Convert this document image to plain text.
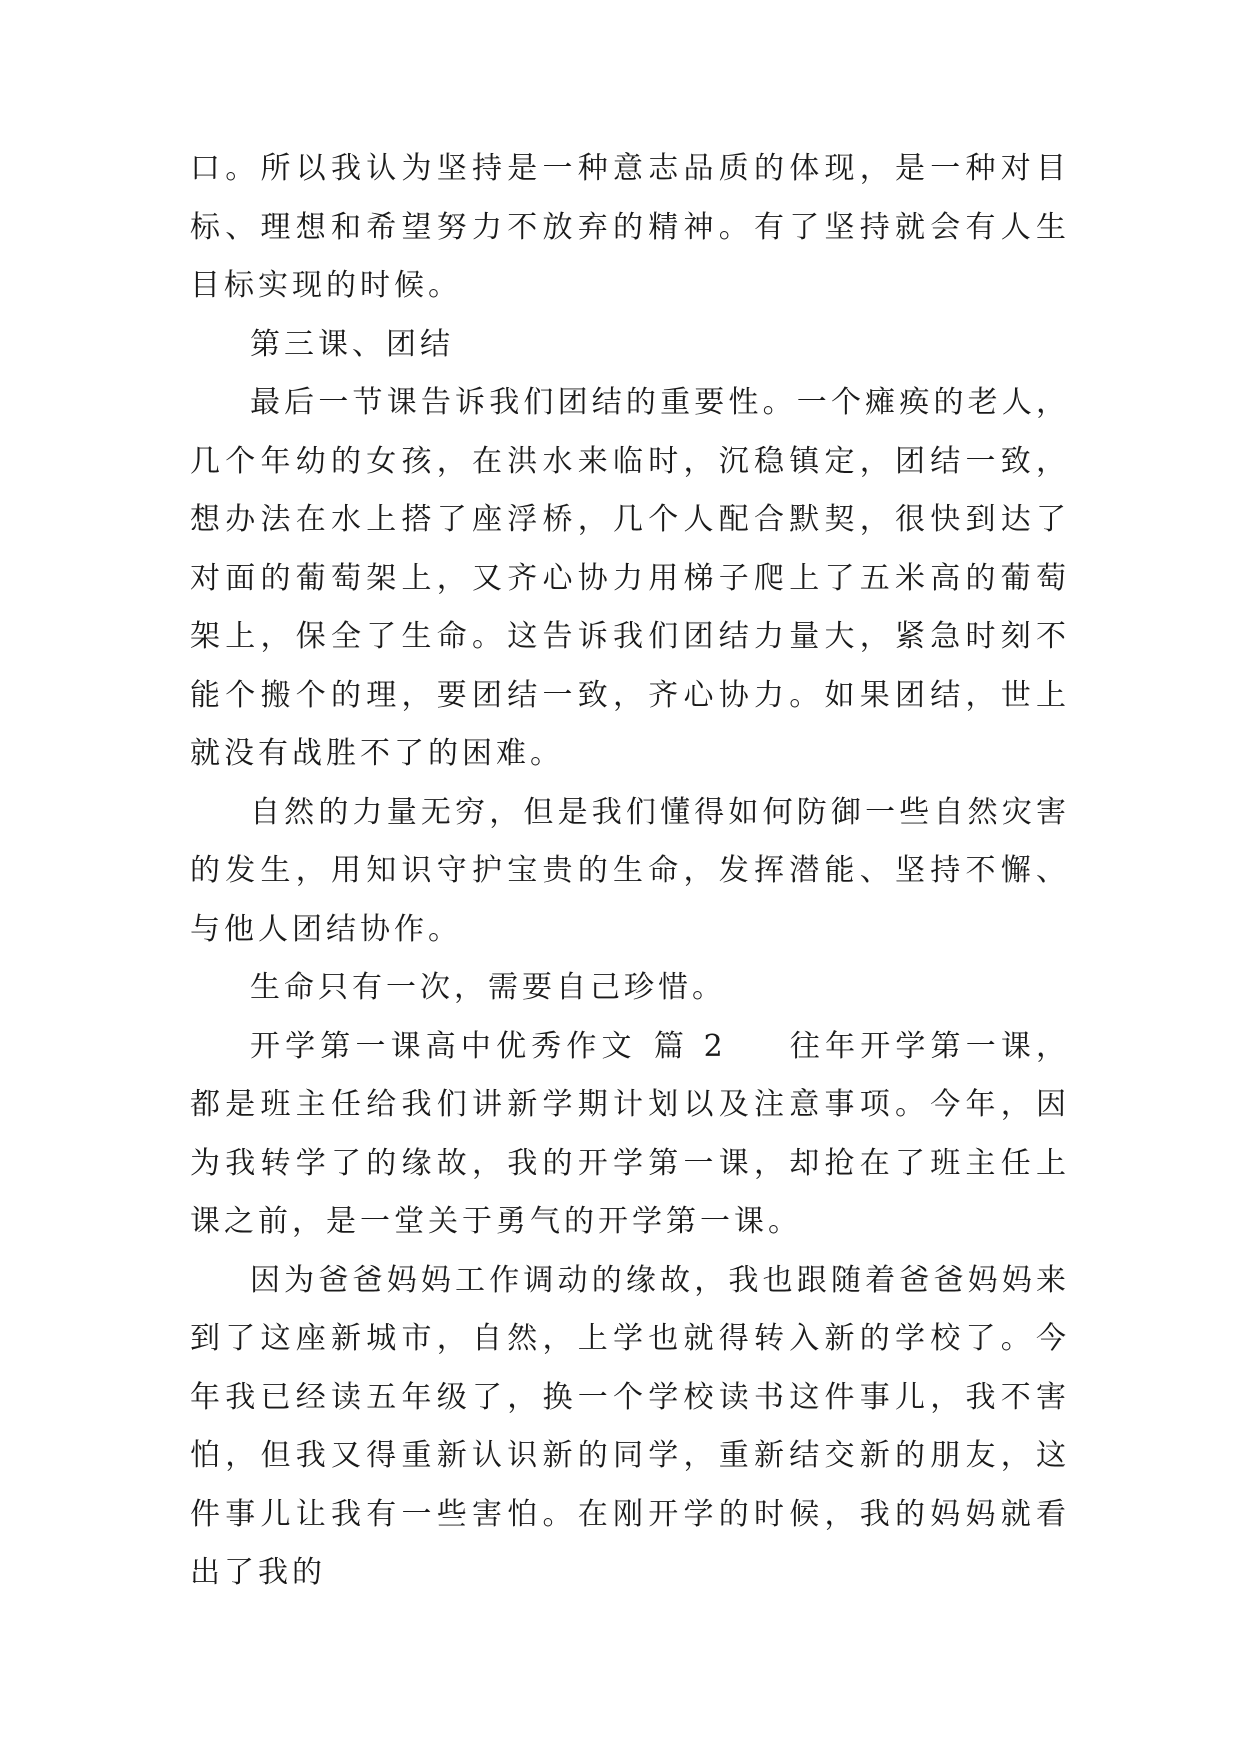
口。所以我认为坚持是一种意志品质的体现，是一种对目标、理想和希望努力不放弃的精神。有了坚持就会有人生目标实现的时候。

第三课、团结

最后一节课告诉我们团结的重要性。一个瘫痪的老人，几个年幼的女孩，在洪水来临时，沉稳镇定，团结一致，想办法在水上搭了座浮桥，几个人配合默契，很快到达了对面的葡萄架上，又齐心协力用梯子爬上了五米高的葡萄架上，保全了生命。这告诉我们团结力量大，紧急时刻不能个搬个的理，要团结一致，齐心协力。如果团结，世上就没有战胜不了的困难。

自然的力量无穷，但是我们懂得如何防御一些自然灾害的发生，用知识守护宝贵的生命，发挥潜能、坚持不懈、与他人团结协作。

生命只有一次，需要自己珍惜。

开学第一课高中优秀作文 篇 2 往年开学第一课，都是班主任给我们讲新学期计划以及注意事项。今年，因为我转学了的缘故，我的开学第一课，却抢在了班主任上课之前，是一堂关于勇气的开学第一课。

因为爸爸妈妈工作调动的缘故，我也跟随着爸爸妈妈来到了这座新城市，自然，上学也就得转入新的学校了。今年我已经读五年级了，换一个学校读书这件事儿，我不害怕，但我又得重新认识新的同学，重新结交新的朋友，这件事儿让我有一些害怕。在刚开学的时候，我的妈妈就看出了我的
